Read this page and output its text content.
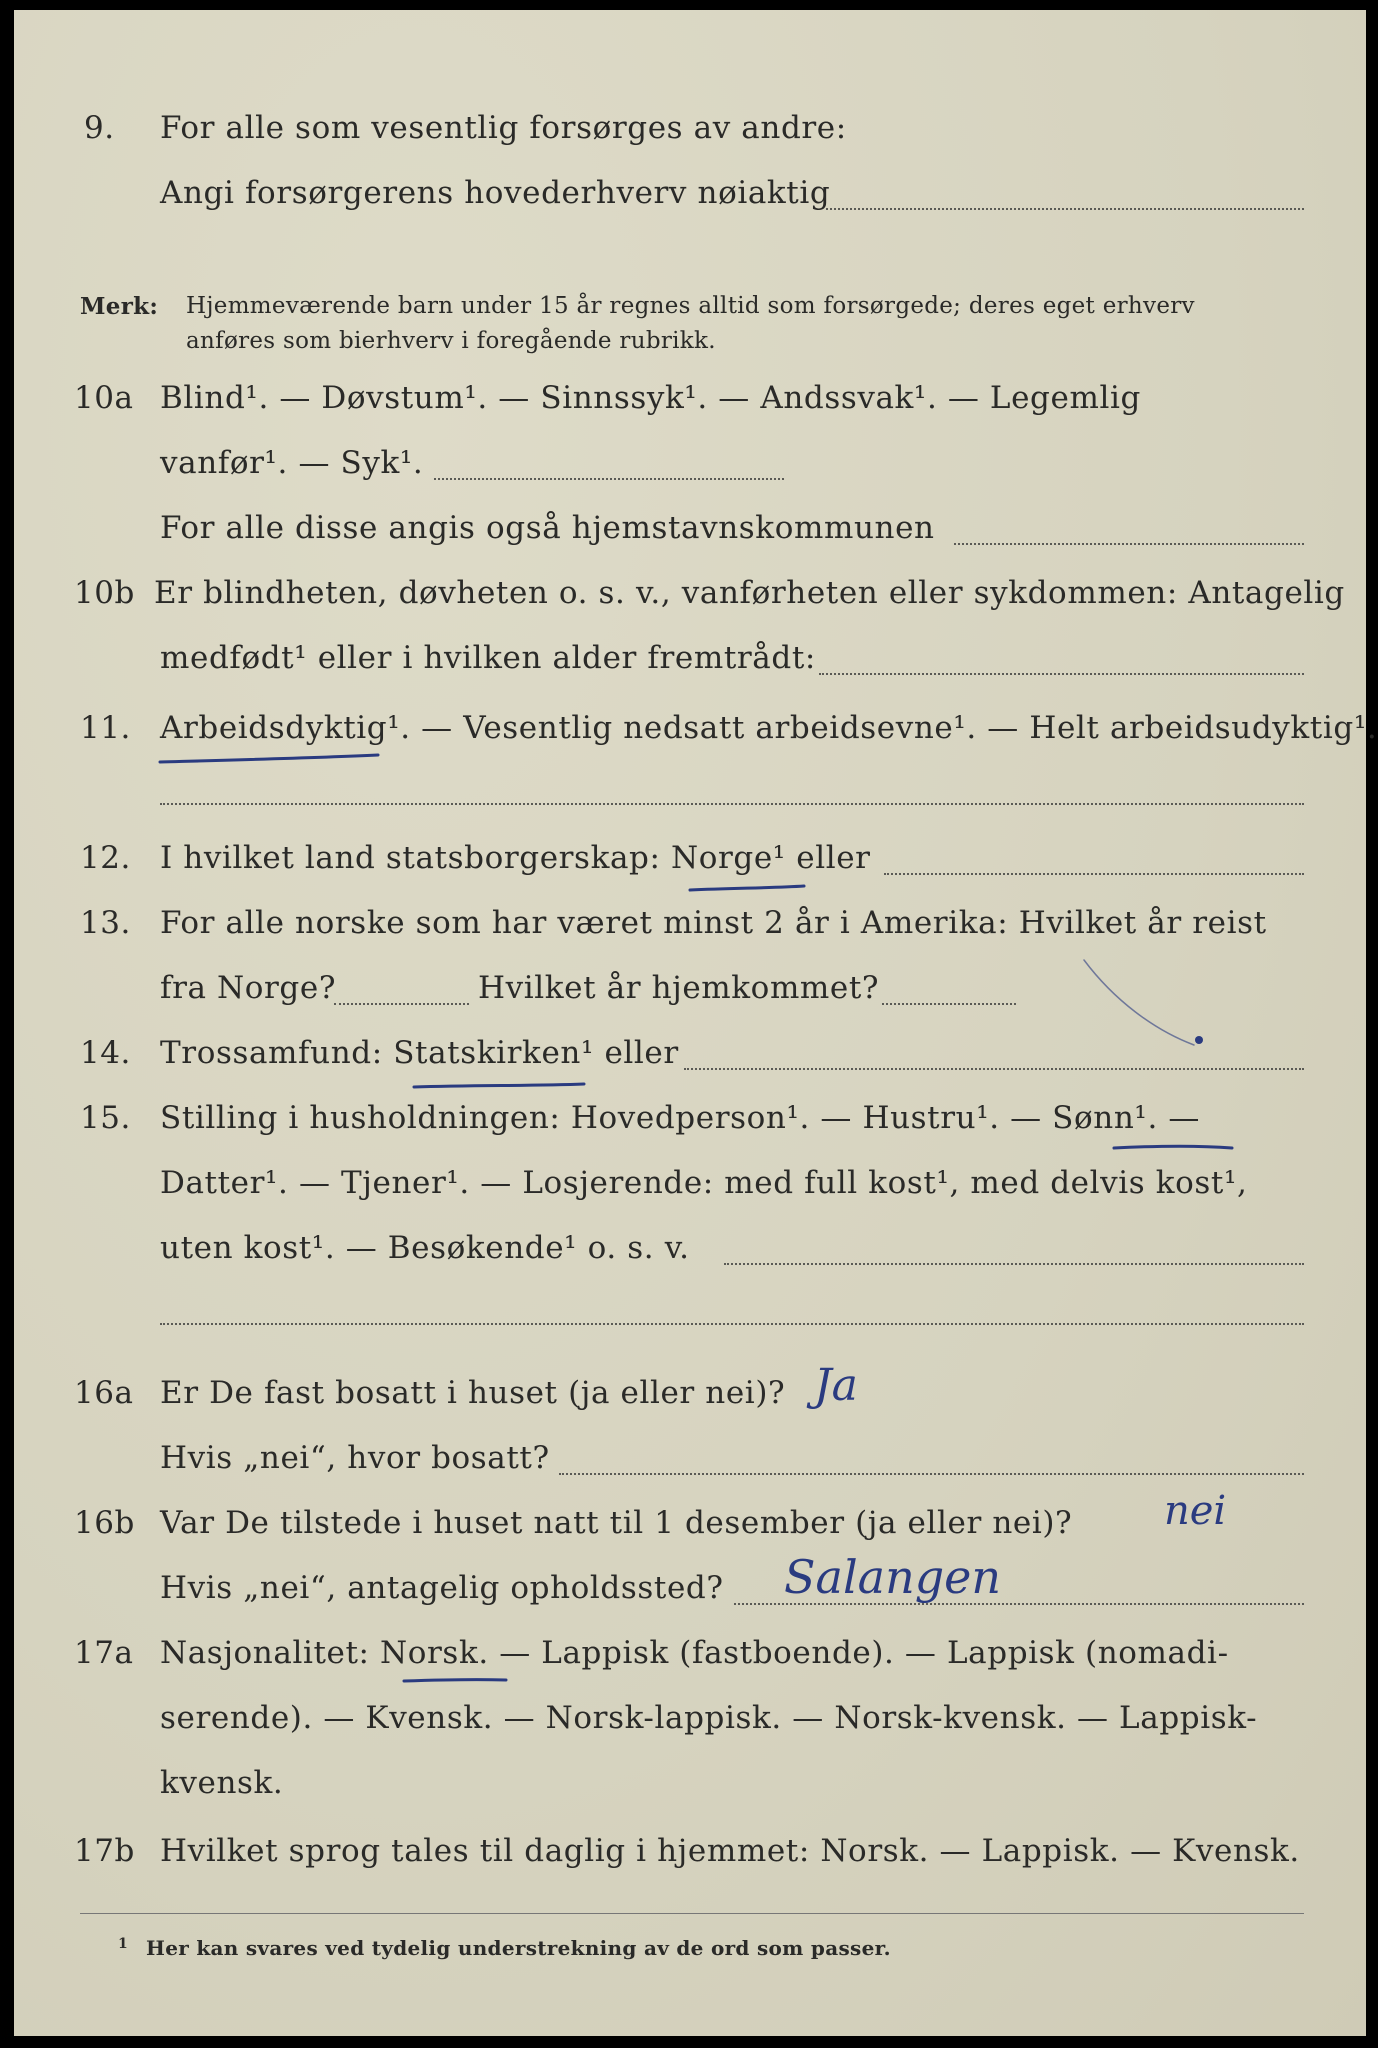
9. For alle som vesentlig forsørges av andre:
Angi forsørgerens hovederhverv nøiaktig
Merk: Hjemmeværende barn under 15 år regnes alltid som forsørgede; deres eget erhverv
anføres som bierhverv i foregående rubrikk.
10a Blind¹. — Døvstum¹. — Sinnssyk¹. — Andssvak¹. — Legemlig
vanfør¹. — Syk¹.
For alle disse angis også hjemstavnskommunen
10b Er blindheten, døvheten o. s. v., vanførheten eller sykdommen: Antagelig
medfødt¹ eller i hvilken alder fremtrådt:
11. Arbeidsdyktig¹. — Vesentlig nedsatt arbeidsevne¹. — Helt arbeidsudyktig¹.
12. I hvilket land statsborgerskap: Norge¹ eller
13. For alle norske som har været minst 2 år i Amerika: Hvilket år reist
fra Norge?	Hvilket år hjemkommet?
14. Trossamfund: Statskirken¹ eller
15. Stilling i husholdningen: Hovedperson¹. — Hustru¹. — Sønn¹. —
Datter¹. — Tjener¹. — Losjerende: med full kost¹, med delvis kost¹,
uten kost¹. — Besøkende¹ o. s. v.
16a Er De fast bosatt i huset (ja eller nei)? Ja
Hvis „nei“, hvor bosatt?
16b Var De tilstede i huset natt til 1 desember (ja eller nei)? nei
Hvis „nei“, antagelig opholdssted? Salangen
17a Nasjonalitet: Norsk. — Lappisk (fastboende). — Lappisk (nomadi-
serende). — Kvensk. — Norsk-lappisk. — Norsk-kvensk. — Lappisk-
kvensk.
17b Hvilket sprog tales til daglig i hjemmet: Norsk. — Lappisk. — Kvensk.
1 Her kan svares ved tydelig understrekning av de ord som passer.
